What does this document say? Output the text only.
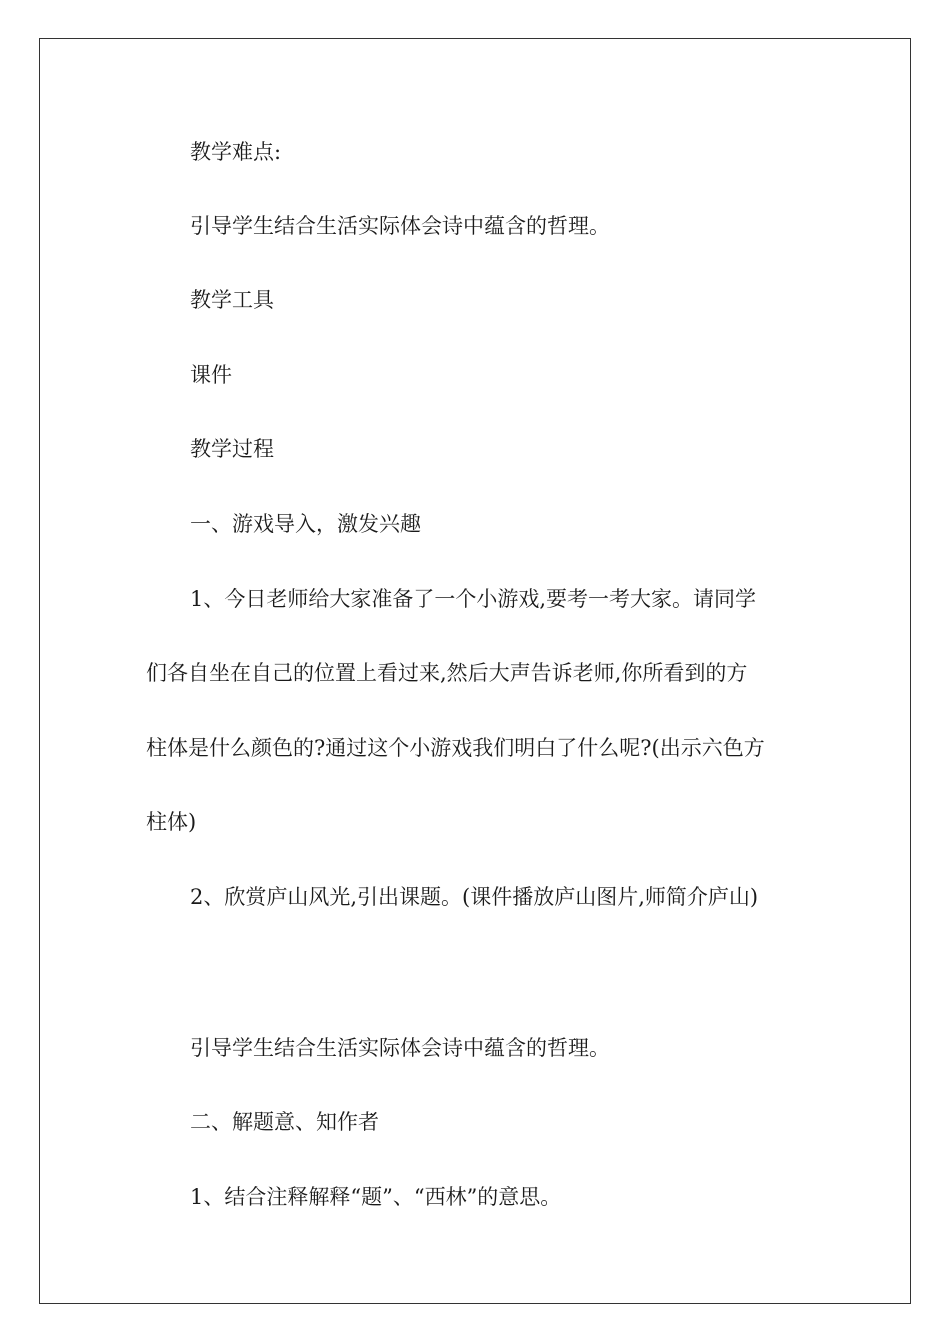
教学难点:

引导学生结合生活实际体会诗中蕴含的哲理。

教学工具

课件

教学过程

一、游戏导入，激发兴趣

1、今日老师给大家准备了一个小游戏,要考一考大家。请同学

们各自坐在自己的位置上看过来,然后大声告诉老师,你所看到的方

柱体是什么颜色的?通过这个小游戏我们明白了什么呢?(出示六色方

柱体)

2、欣赏庐山风光,引出课题。(课件播放庐山图片,师简介庐山)

引导学生结合生活实际体会诗中蕴含的哲理。

二、解题意、知作者

1、结合注释解释“题”、“西林”的意思。
